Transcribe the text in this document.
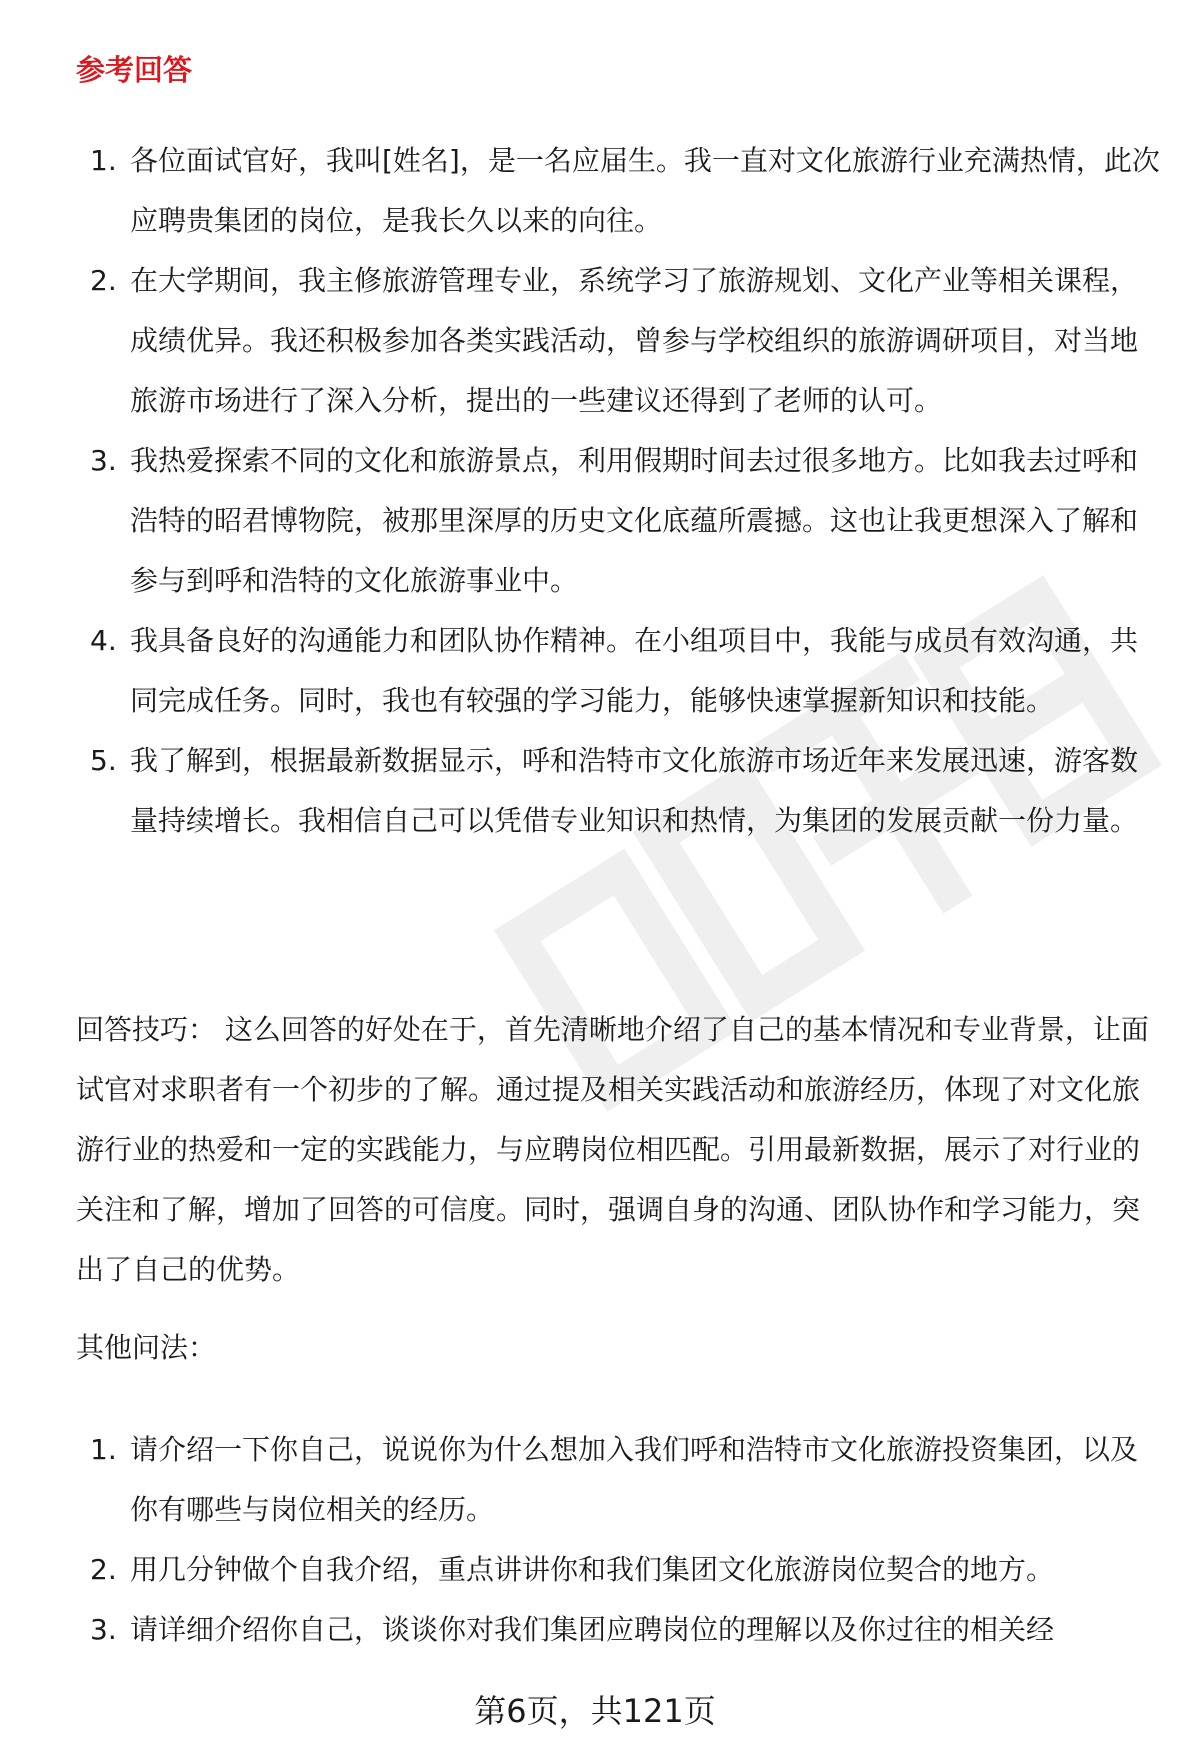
参考回答
1. 各位面试官好，我叫[姓名]，是一名应届生。我一直对文化旅游行业充满热情，此次应聘贵集团的岗位，是我长久以来的向往。
2. 在大学期间，我主修旅游管理专业，系统学习了旅游规划、文化产业等相关课程，成绩优异。我还积极参加各类实践活动，曾参与学校组织的旅游调研项目，对当地旅游市场进行了深入分析，提出的一些建议还得到了老师的认可。
3. 我热爱探索不同的文化和旅游景点，利用假期时间去过很多地方。比如我去过呼和浩特的昭君博物院，被那里深厚的历史文化底蕴所震撼。这也让我更想深入了解和参与到呼和浩特的文化旅游事业中。
4. 我具备良好的沟通能力和团队协作精神。在小组项目中，我能与成员有效沟通，共同完成任务。同时，我也有较强的学习能力，能够快速掌握新知识和技能。
5. 我了解到，根据最新数据显示，呼和浩特市文化旅游市场近年来发展迅速，游客数量持续增长。我相信自己可以凭借专业知识和热情，为集团的发展贡献一份力量。
回答技巧： 这么回答的好处在于，首先清晰地介绍了自己的基本情况和专业背景，让面试官对求职者有一个初步的了解。通过提及相关实践活动和旅游经历，体现了对文化旅游行业的热爱和一定的实践能力，与应聘岗位相匹配。引用最新数据，展示了对行业的关注和了解，增加了回答的可信度。同时，强调自身的沟通、团队协作和学习能力，突出了自己的优势。
其他问法：
1. 请介绍一下你自己，说说你为什么想加入我们呼和浩特市文化旅游投资集团，以及你有哪些与岗位相关的经历。
2. 用几分钟做个自我介绍，重点讲讲你和我们集团文化旅游岗位契合的地方。
3. 请详细介绍你自己，谈谈你对我们集团应聘岗位的理解以及你过往的相关经
第6页，共121页
